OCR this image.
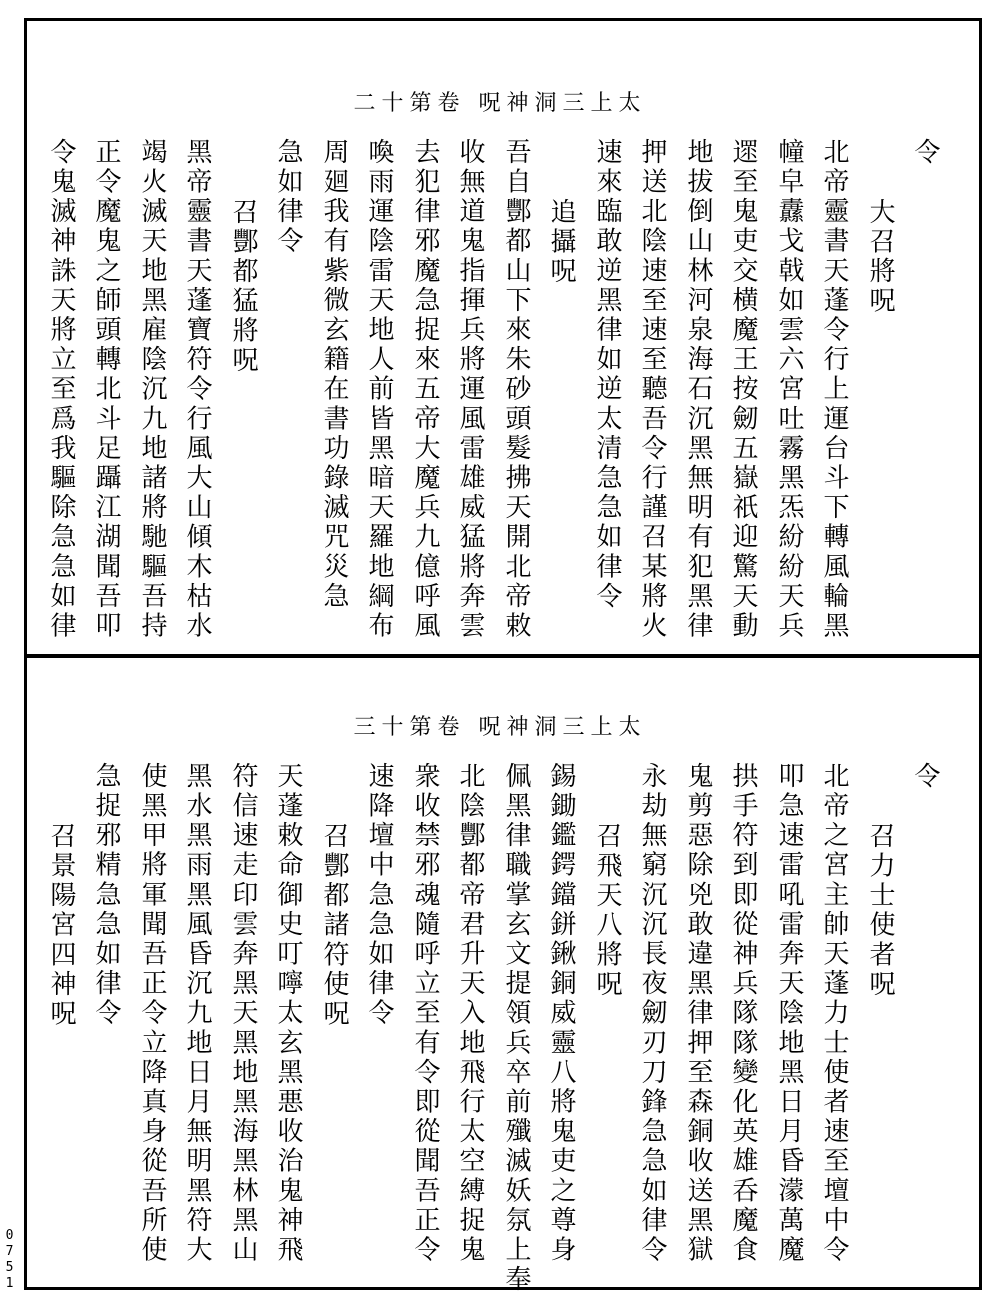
二十第卷 呪神洞三上太
三十第卷 呪神洞三上太
令
大召將呪
北帝靈書天蓬令行上運台斗下轉風輪黑
幢皁纛戈戟如雲六宮吐霧黑炁紛紛天兵
遝至鬼吏交横魔王按劒五嶽祇迎驚天動
地拔倒山林河泉海石沉黑無明有犯黑律
押送北陰速至速至聽吾令行謹召某將火
速來臨敢逆黑律如逆太清急急如律令
追攝呪
吾自酆都山下來朱砂頭髮拂天開北帝敕
收無道鬼指揮兵將運風雷雄威猛將奔雲
去犯律邪魔急捉來五帝大魔兵九億呼風
喚雨運陰雷天地人前皆黑暗天羅地綱布
周廻我有紫微玄籍在書功錄滅咒災急
急如律令
召酆都猛將呪
黑帝靈書天蓬寶符令行風大山傾木枯水
竭火滅天地黑雇陰沉九地諸將馳驅吾持
正令魔鬼之師頭轉北斗足躡江湖聞吾叩
令鬼滅神誅天將立至爲我驅除急急如律
令
召力士使者呪
北帝之宮主帥天蓬力士使者速至壇中令
叩急速雷吼雷奔天陰地黑日月昏濛萬魔
拱手符到即從神兵隊隊變化英雄呑魔食
鬼剪惡除兇敢違黑律押至森銅收送黑獄
永劫無窮沉沉長夜劒刃刀鋒急急如律令
召飛天八將呪
錫鋤鑑鍔鐺鉼鍬銅威靈八將鬼吏之尊身
佩黑律職掌玄文提領兵卒前殲滅妖氛上奉
北陰酆都帝君升天入地飛行太空縛捉鬼
衆收禁邪魂隨呼立至有令即從聞吾正令
速降壇中急急如律令
召酆都諸符使呪
天蓬敕命御史叮嚀太玄黑悪收治鬼神飛
符信速走印雲奔黑天黑地黑海黑林黑山
黑水黑雨黑風昏沉九地日月無明黑符大
使黑甲將軍聞吾正令立降真身從吾所使
急捉邪精急急如律令
召景陽宮四神呪
0751
